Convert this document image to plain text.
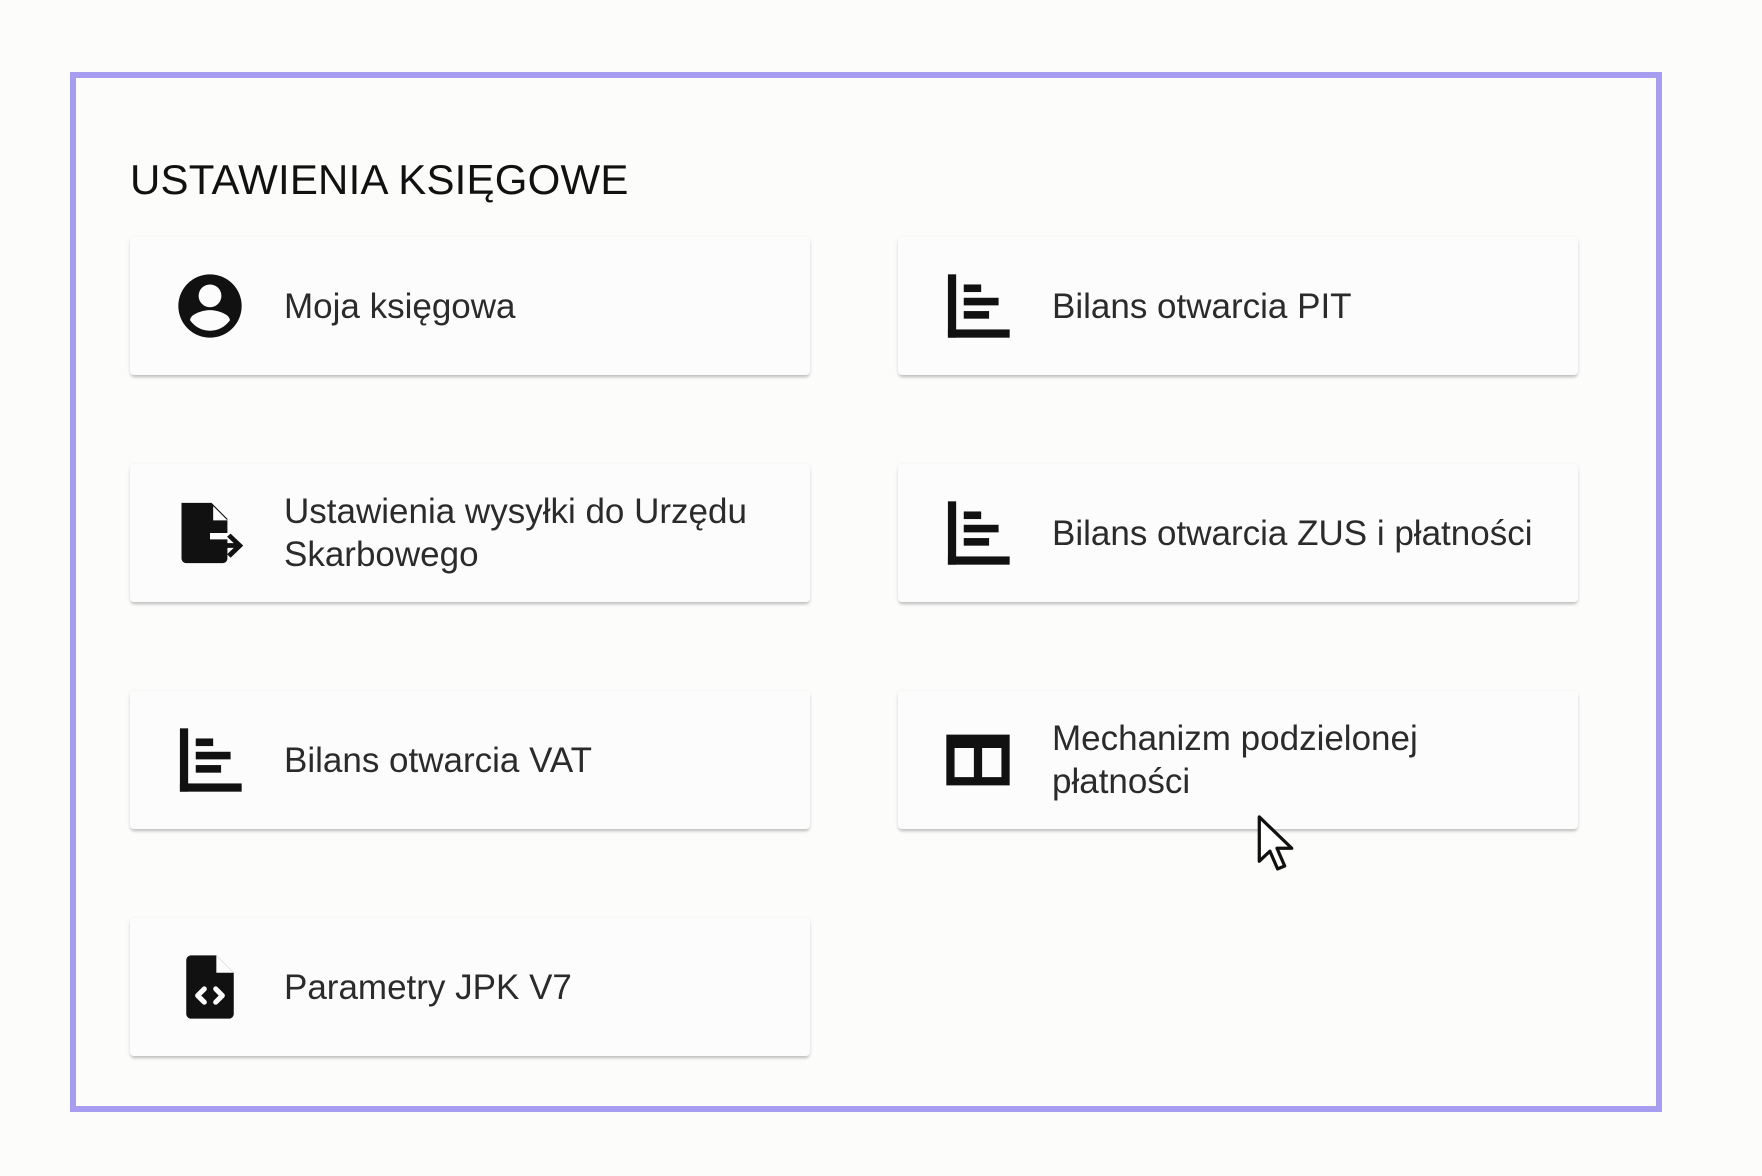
USTAWIENIA KSIĘGOWE
Moja księgowa	Bilans otwarcia PIT
Ustawienia wysyłki do Urzędu Skarbowego
Bilans otwarcia ZUS i płatności
Bilans otwarcia VAT
Mechanizm podzielonej płatności
Parametry JPK V7
